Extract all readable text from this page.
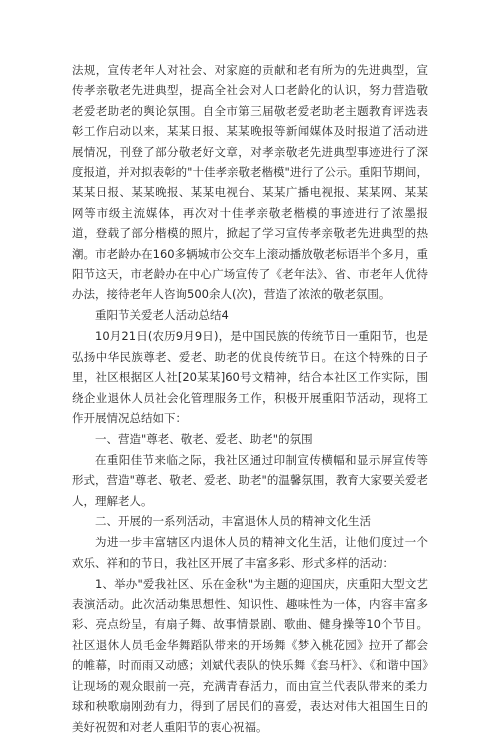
法规，宣传老年人对社会、对家庭的贡献和老有所为的先进典型，宣传孝亲敬老先进典型，提高全社会对人口老龄化的认识，努力营造敬老爱老助老的舆论氛围。自全市第三届敬老爱老助老主题教育评选表彰工作启动以来，某某日报、某某晚报等新闻媒体及时报道了活动进展情况，刊登了部分敬老好文章，对孝亲敬老先进典型事迹进行了深度报道，并对拟表彰的"十佳孝亲敬老楷模"进行了公示。重阳节期间，某某日报、某某晚报、某某电视台、某某广播电视报、某某网、某某网等市级主流媒体，再次对十佳孝亲敬老楷模的事迹进行了浓墨报道，登载了部分楷模的照片，掀起了学习宣传孝亲敬老先进典型的热潮。市老龄办在160多辆城市公交车上滚动播放敬老标语半个多月，重阳节这天，市老龄办在中心广场宣传了《老年法》、省、市老年人优待办法，接待老年人咨询500余人(次)，营造了浓浓的敬老氛围。

重阳节关爱老人活动总结4

10月21日(农历9月9日)，是中国民族的传统节日一重阳节，也是弘扬中华民族尊老、爱老、助老的优良传统节日。在这个特殊的日子里，社区根据区人社[20某某]60号文精神，结合本社区工作实际，围绕企业退休人员社会化管理服务工作，积极开展重阳节活动，现将工作开展情况总结如下：

一、营造"尊老、敬老、爱老、助老"的氛围

在重阳佳节来临之际，我社区通过印制宣传横幅和显示屏宣传等形式，营造"尊老、敬老、爱老、助老"的温馨氛围，教育大家要关爱老人，理解老人。

二、开展的一系列活动，丰富退休人员的精神文化生活

为进一步丰富辖区内退休人员的精神文化生活，让他们度过一个欢乐、祥和的节日，我社区开展了丰富多彩、形式多样的活动：

1、举办"爱我社区、乐在金秋"为主题的迎国庆，庆重阳大型文艺表演活动。此次活动集思想性、知识性、趣味性为一体，内容丰富多彩、亮点纷呈，有扇子舞、故事情景剧、歌曲、健身操等10个节目。社区退休人员毛金华舞蹈队带来的开场舞《梦入桃花园》拉开了都会的帷幕，时而雨又动感；刘斌代表队的快乐舞《套马杆》、《和谐中国》让现场的观众眼前一亮，充满青春活力，而由宣兰代表队带来的柔力球和秧歌扇刚劲有力，得到了居民们的喜爱，表达对伟大祖国生日的美好祝贺和对老人重阳节的衷心祝福。
